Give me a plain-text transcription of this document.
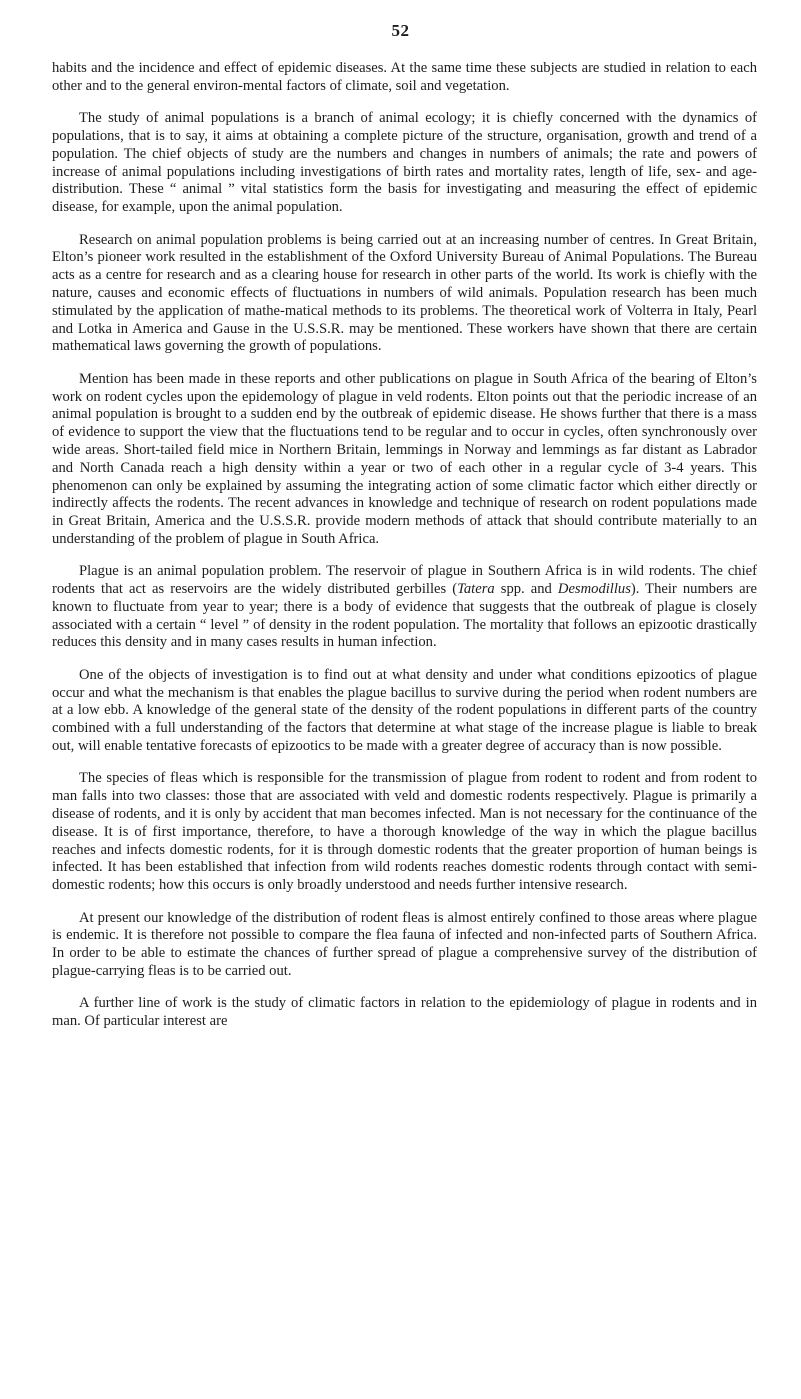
52

habits and the incidence and effect of epidemic diseases. At the same time these subjects are studied in relation to each other and to the general environ-mental factors of climate, soil and vegetation.

The study of animal populations is a branch of animal ecology; it is chiefly concerned with the dynamics of populations, that is to say, it aims at obtaining a complete picture of the structure, organisation, growth and trend of a population. The chief objects of study are the numbers and changes in numbers of animals; the rate and powers of increase of animal populations including investigations of birth rates and mortality rates, length of life, sex- and age-distribution. These “ animal ” vital statistics form the basis for investigating and measuring the effect of epidemic disease, for example, upon the animal population.

Research on animal population problems is being carried out at an increasing number of centres. In Great Britain, Elton’s pioneer work resulted in the establishment of the Oxford University Bureau of Animal Populations. The Bureau acts as a centre for research and as a clearing house for research in other parts of the world. Its work is chiefly with the nature, causes and economic effects of fluctuations in numbers of wild animals. Population research has been much stimulated by the application of mathe-matical methods to its problems. The theoretical work of Volterra in Italy, Pearl and Lotka in America and Gause in the U.S.S.R. may be mentioned. These workers have shown that there are certain mathematical laws governing the growth of populations.

Mention has been made in these reports and other publications on plague in South Africa of the bearing of Elton’s work on rodent cycles upon the epidemology of plague in veld rodents. Elton points out that the periodic increase of an animal population is brought to a sudden end by the outbreak of epidemic disease. He shows further that there is a mass of evidence to support the view that the fluctuations tend to be regular and to occur in cycles, often synchronously over wide areas. Short-tailed field mice in Northern Britain, lemmings in Norway and lemmings as far distant as Labrador and North Canada reach a high density within a year or two of each other in a regular cycle of 3-4 years. This phenomenon can only be explained by assuming the integrating action of some climatic factor which either directly or indirectly affects the rodents. The recent advances in knowledge and technique of research on rodent populations made in Great Britain, America and the U.S.S.R. provide modern methods of attack that should contribute materially to an understanding of the problem of plague in South Africa.

Plague is an animal population problem. The reservoir of plague in Southern Africa is in wild rodents. The chief rodents that act as reservoirs are the widely distributed gerbilles (Tatera spp. and Desmodillus). Their numbers are known to fluctuate from year to year; there is a body of evidence that suggests that the outbreak of plague is closely associated with a certain “ level ” of density in the rodent population. The mortality that follows an epizootic drastically reduces this density and in many cases results in human infection.

One of the objects of investigation is to find out at what density and under what conditions epizootics of plague occur and what the mechanism is that enables the plague bacillus to survive during the period when rodent numbers are at a low ebb. A knowledge of the general state of the density of the rodent populations in different parts of the country combined with a full understanding of the factors that determine at what stage of the increase plague is liable to break out, will enable tentative forecasts of epizootics to be made with a greater degree of accuracy than is now possible.

The species of fleas which is responsible for the transmission of plague from rodent to rodent and from rodent to man falls into two classes: those that are associated with veld and domestic rodents respectively. Plague is primarily a disease of rodents, and it is only by accident that man becomes infected. Man is not necessary for the continuance of the disease. It is of first importance, therefore, to have a thorough knowledge of the way in which the plague bacillus reaches and infects domestic rodents, for it is through domestic rodents that the greater proportion of human beings is infected. It has been established that infection from wild rodents reaches domestic rodents through contact with semi-domestic rodents; how this occurs is only broadly understood and needs further intensive research.

At present our knowledge of the distribution of rodent fleas is almost entirely confined to those areas where plague is endemic. It is therefore not possible to compare the flea fauna of infected and non-infected parts of Southern Africa. In order to be able to estimate the chances of further spread of plague a comprehensive survey of the distribution of plague-carrying fleas is to be carried out.

A further line of work is the study of climatic factors in relation to the epidemiology of plague in rodents and in man. Of particular interest are
